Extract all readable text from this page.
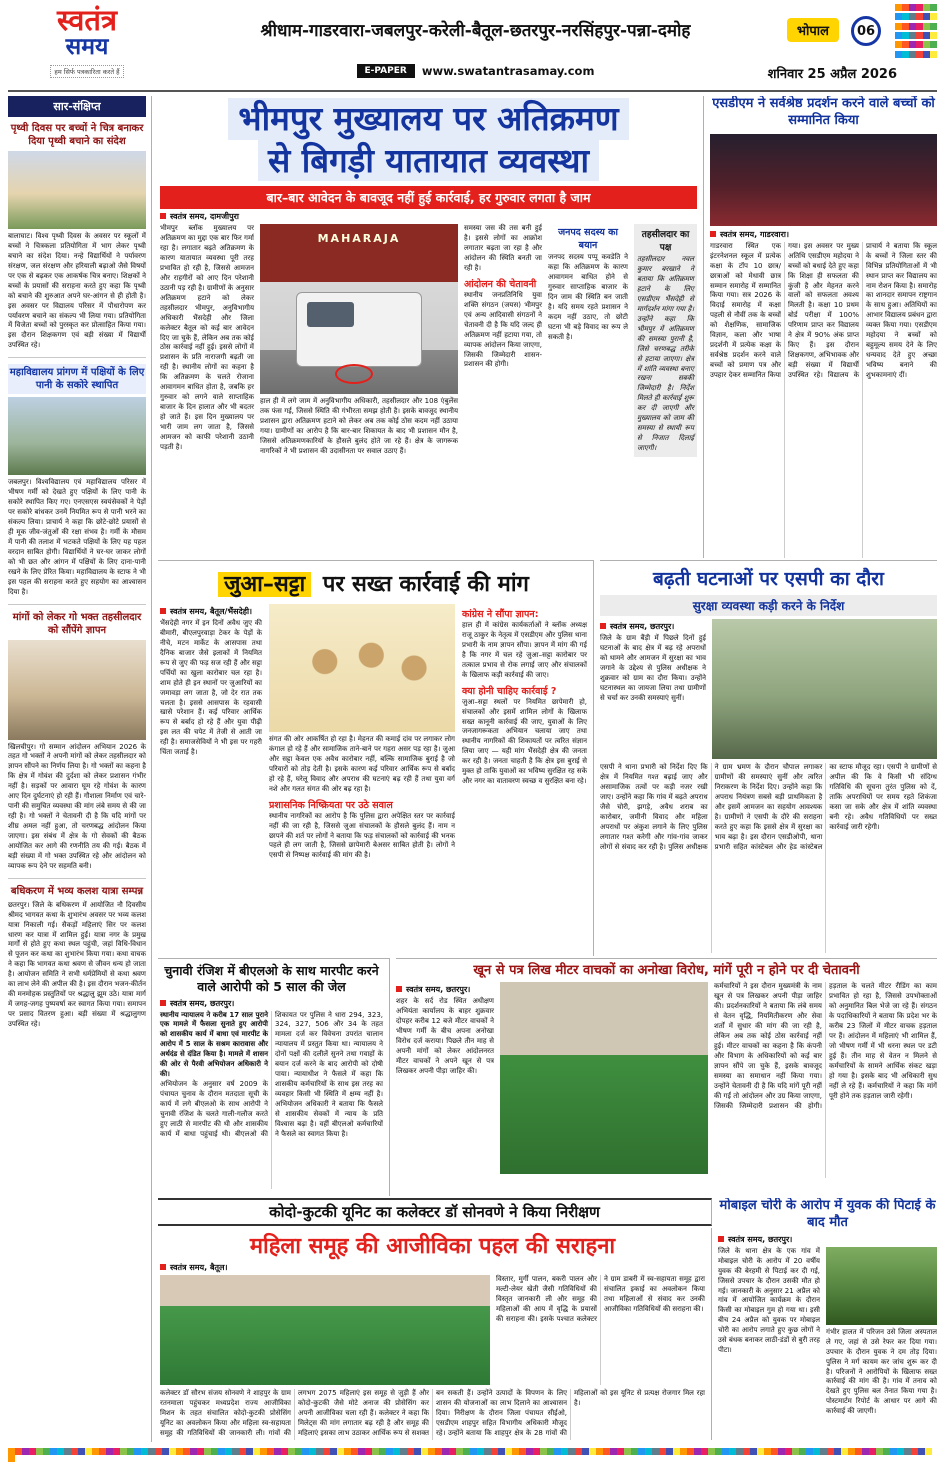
स्वतंत्र
समय
हम सिर्फ पत्रकारिता करते हैं
श्रीधाम-गाडरवारा-जबलपुर-करेली-बैतूल-छतरपुर-नरसिंहपुर-पन्ना-दमोह	भोपाल	06
E-PAPER	www.swatantrasamay.com	शनिवार 25 अप्रैल 2026
सार-संक्षिप्त
पृथ्वी दिवस पर बच्चों ने चित्र बनाकर दिया पृथ्वी बचाने का संदेश
बालाघाट। विश्व पृथ्वी दिवस के अवसर पर स्कूलों में बच्चों ने चित्रकला प्रतियोगिता में भाग लेकर पृथ्वी बचाने का संदेश दिया। नन्हे विद्यार्थियों ने पर्यावरण संरक्षण, जल संरक्षण और हरियाली बढ़ाओ जैसे विषयों पर एक से बढ़कर एक आकर्षक चित्र बनाए। शिक्षकों ने बच्चों के प्रयासों की सराहना करते हुए कहा कि पृथ्वी को बचाने की शुरुआत अपने घर-आंगन से ही होती है। इस अवसर पर विद्यालय परिसर में पौधारोपण कर पर्यावरण बचाने का संकल्प भी लिया गया। प्रतियोगिता में विजेता बच्चों को पुरस्कृत कर प्रोत्साहित किया गया। इस दौरान शिक्षकगण एवं बड़ी संख्या में विद्यार्थी उपस्थित रहे।
महाविद्यालय प्रांगण में पक्षियों के लिए पानी के सकोरे स्थापित
जबलपुर। विश्वविद्यालय एवं महाविद्यालय परिसर में भीषण गर्मी को देखते हुए पक्षियों के लिए पानी के सकोरे स्थापित किए गए। एनएसएस स्वयंसेवकों ने पेड़ों पर सकोरे बांधकर उनमें नियमित रूप से पानी भरने का संकल्प लिया। प्राचार्य ने कहा कि छोटे-छोटे प्रयासों से ही मूक जीव-जंतुओं की रक्षा संभव है। गर्मी के मौसम में पानी की तलाश में भटकते पक्षियों के लिए यह पहल वरदान साबित होगी। विद्यार्थियों ने घर-घर जाकर लोगों को भी छत और आंगन में पक्षियों के लिए दाना-पानी रखने के लिए प्रेरित किया। महाविद्यालय के स्टाफ ने भी इस पहल की सराहना करते हुए सहयोग का आश्वासन दिया है।
मांगों को लेकर गो भक्त तहसीलदार को सौंपेंगे ज्ञापन
खिलचीपुर। गो सम्मान आंदोलन अभियान 2026 के तहत गो भक्तों ने अपनी मांगों को लेकर तहसीलदार को ज्ञापन सौंपने का निर्णय लिया है। गो भक्तों का कहना है कि क्षेत्र में गोवंश की दुर्दशा को लेकर प्रशासन गंभीर नहीं है। सड़कों पर आवारा घूम रहे गोवंश के कारण आए दिन दुर्घटनाएं हो रही हैं। गौशाला निर्माण एवं चारे-पानी की समुचित व्यवस्था की मांग लंबे समय से की जा रही है। गो भक्तों ने चेतावनी दी है कि यदि मांगों पर शीघ्र अमल नहीं हुआ, तो चरणबद्ध आंदोलन किया जाएगा। इस संबंध में क्षेत्र के गो सेवकों की बैठक आयोजित कर आगे की रणनीति तय की गई। बैठक में बड़ी संख्या में गो भक्त उपस्थित रहे और आंदोलन को व्यापक रूप देने पर सहमति बनी।
बधिकरण में भव्य कलश यात्रा सम्पन्न
छतरपुर। जिले के बधिकरण में आयोजित नौ दिवसीय श्रीमद भागवत कथा के शुभारंभ अवसर पर भव्य कलश यात्रा निकाली गई। सैकड़ों महिलाएं सिर पर कलश धारण कर यात्रा में शामिल हुईं। यात्रा नगर के प्रमुख मार्गों से होते हुए कथा स्थल पहुंची, जहां विधि-विधान से पूजन कर कथा का शुभारंभ किया गया। कथा वाचक ने कहा कि भागवत कथा श्रवण से जीवन धन्य हो जाता है। आयोजन समिति ने सभी धर्मप्रेमियों से कथा श्रवण का लाभ लेने की अपील की है। इस दौरान भजन-कीर्तन की मनमोहक प्रस्तुतियों पर श्रद्धालु झूम उठे। यात्रा मार्ग में जगह-जगह पुष्पवर्षा कर स्वागत किया गया। समापन पर प्रसाद वितरण हुआ। बड़ी संख्या में श्रद्धालुगण उपस्थित रहे।
भीमपुर मुख्यालय पर अतिक्रमण
से बिगड़ी यातायात व्यवस्था
बार–बार आवेदन के बावजूद नहीं हुई कार्रवाई, हर गुरुवार लगता है जाम
स्वतंत्र समय, दामजीपुरा
भीमपुर ब्लॉक मुख्यालय पर अतिक्रमण का मुद्दा एक बार फिर गर्मा रहा है। लगातार बढ़ते अतिक्रमण के कारण यातायात व्यवस्था पूरी तरह प्रभावित हो रही है, जिससे आमजन और राहगीरों को आए दिन परेशानी उठानी पड़ रही है। ग्रामीणों के अनुसार अतिक्रमण हटाने को लेकर तहसीलदार भीमपुर, अनुविभागीय अधिकारी भैंसदेही और जिला कलेक्टर बैतूल को कई बार आवेदन दिए जा चुके हैं, लेकिन अब तक कोई ठोस कार्रवाई नहीं हुई। इससे लोगों में प्रशासन के प्रति नाराजगी बढ़ती जा रही है। स्थानीय लोगों का कहना है कि अतिक्रमण के चलते रोजाना आवागमन बाधित होता है, जबकि हर गुरुवार को लगने वाले साप्ताहिक बाजार के दिन हालात और भी बदतर हो जाते हैं। इस दिन मुख्यालय पर भारी जाम लग जाता है, जिससे आमजन को काफी परेशानी उठानी पड़ती है।
MAHARAJA
हाल ही में लगे जाम में अनुविभागीय अधिकारी, तहसीलदार और 108 एंबुलेंस तक फंस गई, जिससे स्थिति की गंभीरता समझ होती है। इसके बावजूद स्थानीय प्रशासन द्वारा अतिक्रमण हटाने को लेकर अब तक कोई ठोस कदम नहीं उठाया गया। ग्रामीणों का आरोप है कि बार-बार शिकायत के बाद भी प्रशासन मौन है, जिससे अतिक्रमणकारियों के हौसले बुलंद होते जा रहे हैं। क्षेत्र के जागरूक नागरिकों ने भी प्रशासन की उदासीनता पर सवाल उठाए हैं।

समस्या जस की तस बनी हुई है। इससे लोगों का आक्रोश लगातार बढ़ता जा रहा है और आंदोलन की स्थिति बनती जा रही है।

आंदोलन की चेतावनी

स्थानीय जनप्रतिनिधि युवा शक्ति संगठन (जयस) भीमपुर एवं अन्य आदिवासी संगठनों ने चेतावनी दी है कि यदि जल्द ही अतिक्रमण नहीं हटाया गया, तो व्यापक आंदोलन किया जाएगा, जिसकी जिम्मेदारी शासन-प्रशासन की होगी।

जनपद सदस्य का बयान

जनपद सदस्य पप्पू कवडेति ने कहा कि अतिक्रमण के कारण आवागमन बाधित होने से गुरुवार साप्ताहिक बाजार के दिन जाम की स्थिति बन जाती है। यदि समय रहते प्रशासन ने कदम नहीं उठाए, तो छोटी घटना भी बड़े विवाद का रूप ले सकती है।

तहसीलदार का पक्ष

तहसीलदार नवल कुमार बरखाने ने बताया कि अतिक्रमण हटाने के लिए एसडीएम भैंसदेही से मार्गदर्शन मांगा गया है। उन्होंने कहा कि भीमपुर में अतिक्रमण की समस्या पुरानी है, जिसे चरणबद्ध तरीके से हटाया जाएगा। क्षेत्र में शांति व्यवस्था बनाए रखना सबकी जिम्मेदारी है। निर्देश मिलते ही कार्रवाई शुरू कर दी जाएगी और मुख्यालय को जाम की समस्या से स्थायी रूप से निजात दिलाई जाएगी।

एसडीएम ने सर्वश्रेष्ठ प्रदर्शन करने वाले बच्चों को सम्मानित किया
स्वतंत्र समय, गाडरवारा।
गाडरवारा स्थित एक इंटरनेशनल स्कूल में प्रत्येक कक्षा के टॉप 10 छात्र/छात्राओं को मेधावी छात्र सम्मान समारोह में सम्मानित किया गया। सत्र 2026 के विदाई समारोह में कक्षा पहली से नौवीं तक के बच्चों को शैक्षणिक, सामाजिक विज्ञान, कला और भाषा प्रदर्शनी में प्रत्येक कक्षा के सर्वश्रेष्ठ प्रदर्शन करने वाले बच्चों को प्रमाण पत्र और उपहार देकर सम्मानित किया गया। इस अवसर पर मुख्य अतिथि एसडीएम महोदया ने बच्चों को बधाई देते हुए कहा कि शिक्षा ही सफलता की कुंजी है और मेहनत करने वालों को सफलता अवश्य मिलती है। कक्षा 10 प्रथम बोर्ड परीक्षा में 100% परिणाम प्राप्त कर विद्यालय ने क्षेत्र में 90% अंक प्राप्त किए हैं। इस दौरान शिक्षकगण, अभिभावक और बड़ी संख्या में विद्यार्थी उपस्थित रहे। विद्यालय के प्राचार्य ने बताया कि स्कूल के बच्चों ने जिला स्तर की विभिन्न प्रतियोगिताओं में भी स्थान प्राप्त कर विद्यालय का नाम रोशन किया है। समारोह का शानदार समापन राष्ट्रगान के साथ हुआ। अतिथियों का आभार विद्यालय प्रबंधन द्वारा व्यक्त किया गया। एसडीएम महोदया ने बच्चों को बहुमूल्य समय देने के लिए धन्यवाद देते हुए अच्छा भविष्य बनाने की शुभकामनाएं दीं।
जुआ–सट्टा पर सख्त कार्रवाई की मांग
स्वतंत्र समय, बैतूल/भैंसदेही।

भैंसदेही नगर में इन दिनों अवैध जुए की बीमारी, बीएलपुरवाड़ा टेकर के पेड़ों के नीचे, मटन मार्केट के आसपास तथा दैनिक बाजार जैसे इलाकों में नियमित रूप से जुए की फड़ सज रही हैं और सट्टा पर्चियों का खुला कारोबार चल रहा है। शाम होते ही इन स्थानों पर जुआरियों का जमावड़ा लग जाता है, जो देर रात तक चलता है। इससे आसपास के रहवासी खासे परेशान हैं। कई परिवार आर्थिक रूप से बर्बाद हो रहे हैं और युवा पीढ़ी इस लत की चपेट में तेजी से आती जा रही है। समाजसेवियों ने भी इस पर गहरी चिंता जताई है।

संगत की ओर आकर्षित हो रहा है। मेहनत की कमाई दांव पर लगाकर लोग कंगाल हो रहे हैं और सामाजिक ताने-बाने पर गहरा असर पड़ रहा है। जुआ और सट्टा केवल एक अवैध कारोबार नहीं, बल्कि सामाजिक बुराई है जो परिवारों को तोड़ देती है। इसके कारण कई परिवार आर्थिक रूप से बर्बाद हो रहे हैं, घरेलू विवाद और अपराध की घटनाएं बढ़ रही हैं तथा युवा वर्ग नशे और गलत संगत की ओर बढ़ रहा है।

प्रशासनिक निष्क्रियता पर उठे सवाल

स्थानीय नागरिकों का आरोप है कि पुलिस द्वारा अपेक्षित स्तर पर कार्रवाई नहीं की जा रही है, जिससे जुआ संचालकों के हौसले बुलंद हैं। नाम न छापने की शर्त पर लोगों ने बताया कि फड़ संचालकों को कार्रवाई की भनक पहले ही लग जाती है, जिससे छापेमारी बेअसर साबित होती है। लोगों ने एसपी से निष्पक्ष कार्रवाई की मांग की है।

कांग्रेस ने सौंपा ज्ञापन:

हाल ही में कांग्रेस कार्यकर्ताओं ने ब्लॉक अध्यक्ष राजू ठाकुर के नेतृत्व में एसडीएम और पुलिस थाना प्रभारी के नाम ज्ञापन सौंपा। ज्ञापन में मांग की गई है कि नगर में चल रहे जुआ–सट्टा कारोबार पर तत्काल प्रभाव से रोक लगाई जाए और संचालकों के खिलाफ कड़ी कार्रवाई की जाए।

क्या होनी चाहिए कार्रवाई ?

जुआ–सट्टा स्थलों पर नियमित छापेमारी हो, संचालकों और इसमें शामिल लोगों के खिलाफ सख्त कानूनी कार्रवाई की जाए, युवाओं के लिए जनजागरूकता अभियान चलाया जाए तथा स्थानीय नागरिकों की शिकायतों पर त्वरित संज्ञान लिया जाए — यही मांग भैंसदेही क्षेत्र की जनता कर रही है। जनता चाहती है कि क्षेत्र इस बुराई से मुक्त हो ताकि युवाओं का भविष्य सुरक्षित रह सके और नगर का वातावरण स्वच्छ व सुरक्षित बना रहे।

बढ़ती घटनाओं पर एसपी का दौरा
सुरक्षा व्यवस्था कड़ी करने के निर्देश
स्वतंत्र समय, छतरपुर।

जिले के ग्राम बैंड़ी में पिछले दिनों हुई घटनाओं के बाद क्षेत्र में बढ़ रहे अपराधों को थामने और आमजन में सुरक्षा का भाव जगाने के उद्देश्य से पुलिस अधीक्षक ने शुक्रवार को ग्राम का दौरा किया। उन्होंने घटनास्थल का जायजा लिया तथा ग्रामीणों से चर्चा कर उनकी समस्याएं सुनीं।

एसपी ने थाना प्रभारी को निर्देश दिए कि क्षेत्र में नियमित गश्त बढ़ाई जाए और असामाजिक तत्वों पर कड़ी नजर रखी जाए। उन्होंने कहा कि गांव में बढ़ते अपराध जैसे चोरी, झगड़े, अवैध शराब का कारोबार, जमीनी विवाद और महिला अपराधों पर अंकुश लगाने के लिए पुलिस लगातार गश्त करेगी और गांव-गांव जाकर लोगों से संवाद कर रही है। पुलिस अधीक्षक ने ग्राम भ्रमण के दौरान चौपाल लगाकर ग्रामीणों की समस्याएं सुनीं और त्वरित निराकरण के निर्देश दिए। उन्होंने कहा कि अपराध नियंत्रण सबसे बड़ी प्राथमिकता है और इसमें आमजन का सहयोग आवश्यक है। ग्रामीणों ने एसपी के दौरे की सराहना करते हुए कहा कि इससे क्षेत्र में सुरक्षा का भाव बढ़ा है। इस दौरान एसडीओपी, थाना प्रभारी सहित कांस्टेबल और हेड कांस्टेबल का स्टाफ मौजूद रहा। एसपी ने ग्रामीणों से अपील की कि वे किसी भी संदिग्ध गतिविधि की सूचना तुरंत पुलिस को दें, ताकि अपराधियों पर समय रहते शिकंजा कसा जा सके और क्षेत्र में शांति व्यवस्था बनी रहे। अवैध गतिविधियों पर सख्त कार्रवाई जारी रहेगी।
चुनावी रंजिश में बीएलओ के साथ मारपीट करने वाले आरोपी को 5 साल की जेल
स्वतंत्र समय, छतरपुर।

स्थानीय न्यायालय ने करीब 17 साल पुराने एक मामले में फैसला सुनाते हुए आरोपी को शासकीय कार्य में बाधा एवं मारपीट के आरोप में 5 साल के सश्रम कारावास और अर्थदंड से दंडित किया है। मामले में शासन की ओर से पैरवी अभियोजन अधिकारी ने की।

अभियोजन के अनुसार वर्ष 2009 के पंचायत चुनाव के दौरान मतदाता सूची के कार्य में लगे बीएलओ के साथ आरोपी ने चुनावी रंजिश के चलते गाली-गलौज करते हुए लाठी से मारपीट की थी और शासकीय कार्य में बाधा पहुंचाई थी। बीएलओ की शिकायत पर पुलिस ने धारा 294, 323, 324, 327, 506 और 34 के तहत मामला दर्ज कर विवेचना उपरांत चालान न्यायालय में प्रस्तुत किया था। न्यायालय ने दोनों पक्षों की दलीलें सुनने तथा गवाहों के बयान दर्ज करने के बाद आरोपी को दोषी पाया। न्यायाधीश ने फैसले में कहा कि शासकीय कर्मचारियों के साथ इस तरह का व्यवहार किसी भी स्थिति में क्षम्य नहीं है। अभियोजन अधिकारी ने बताया कि फैसले से शासकीय सेवकों में न्याय के प्रति विश्वास बढ़ा है। वहीं बीएलओ कर्मचारियों ने फैसले का स्वागत किया है।

खून से पत्र लिख मीटर वाचकों का अनोखा विरोध, मांगें पूरी न होने पर दी चेतावनी
स्वतंत्र समय, छतरपुर।

शहर के सर्द रोड स्थित अधीक्षण अभियंता कार्यालय के बाहर शुक्रवार दोपहर करीब 12 बजे मीटर वाचकों ने भीषण गर्मी के बीच अपना अनोखा विरोध दर्ज कराया। पिछले तीन माह से अपनी मांगों को लेकर आंदोलनरत मीटर वाचकों ने अपने खून से पत्र लिखकर अपनी पीड़ा जाहिर की।

कर्मचारियों ने इस दौरान मुख्यमंत्री के नाम खून से पत्र लिखकर अपनी पीड़ा जाहिर की। प्रदर्शनकारियों ने बताया कि लंबे समय से वेतन वृद्धि, नियमितीकरण और सेवा शर्तों में सुधार की मांग की जा रही है, लेकिन अब तक कोई ठोस कार्रवाई नहीं हुई। मीटर वाचकों का कहना है कि कंपनी और विभाग के अधिकारियों को कई बार ज्ञापन सौंपे जा चुके हैं, इसके बावजूद समस्या का समाधान नहीं किया गया। उन्होंने चेतावनी दी है कि यदि मांगें पूरी नहीं की गईं तो आंदोलन और उग्र किया जाएगा, जिसकी जिम्मेदारी प्रशासन की होगी। हड़ताल के चलते मीटर रीडिंग का काम प्रभावित हो रहा है, जिससे उपभोक्ताओं को अनुमानित बिल भेजे जा रहे हैं। संगठन के पदाधिकारियों ने बताया कि प्रदेश भर के करीब 23 जिलों में मीटर वाचक हड़ताल पर हैं। आंदोलन में महिलाएं भी शामिल हैं, जो भीषण गर्मी में भी धरना स्थल पर डटी हुई हैं। तीन माह से वेतन न मिलने से कर्मचारियों के सामने आर्थिक संकट खड़ा हो गया है। इसके बाद भी अधिकारी सुध नहीं ले रहे हैं। कर्मचारियों ने कहा कि मांगें पूरी होने तक हड़ताल जारी रहेगी।
कोदो-कुटकी यूनिट का कलेक्टर डॉ सोनवणे ने किया निरीक्षण
महिला समूह की आजीविका पहल की सराहना
स्वतंत्र समय, बैतूल।
विस्तार, मुर्गी पालन, बकरी पालन और मल्टी-लेयर खेती जैसी गतिविधियों की विस्तृत जानकारी ली और समूह की महिलाओं की आय में वृद्धि के प्रयासों की सराहना की। इसके पश्चात कलेक्टर ने ग्राम डाबरी में स्व-सहायता समूह द्वारा संचालित इकाई का अवलोकन किया तथा महिलाओं से संवाद कर उनकी आजीविका गतिविधियों की सराहना की।
कलेक्टर डॉ सौरभ संजय सोनवणे ने शाहपुर के ग्राम रतनमाला पहुंचकर मध्यप्रदेश राज्य आजीविका मिशन के तहत संचालित कोदो-कुटकी प्रोसेसिंग यूनिट का अवलोकन किया और महिला स्व-सहायता समूह की गतिविधियों की जानकारी ली। गांवों की लगभग 2075 महिलाएं इस समूह से जुड़ी हैं और कोदो-कुटकी जैसे मोटे अनाज की प्रोसेसिंग कर अपनी आजीविका चला रही हैं। कलेक्टर ने कहा कि मिलेट्स की मांग लगातार बढ़ रही है और समूह की महिलाएं इसका लाभ उठाकर आर्थिक रूप से सशक्त बन सकती हैं। उन्होंने उत्पादों के विपणन के लिए शासन की योजनाओं का लाभ दिलाने का आश्वासन दिया। निरीक्षण के दौरान जिला पंचायत सीईओ, एसडीएम शाहपुर सहित विभागीय अधिकारी मौजूद रहे। उन्होंने बताया कि शाहपुर क्षेत्र के 28 गांवों की महिलाओं को इस यूनिट से प्रत्यक्ष रोजगार मिल रहा है।
मोबाइल चोरी के आरोप में युवक की पिटाई के बाद मौत
स्वतंत्र समय, छतरपुर।
जिले के थाना क्षेत्र के एक गांव में मोबाइल चोरी के आरोप में 20 वर्षीय युवक की बेरहमी से पिटाई कर दी गई, जिससे उपचार के दौरान उसकी मौत हो गई। जानकारी के अनुसार 21 अप्रैल को गांव में आयोजित कार्यक्रम के दौरान किसी का मोबाइल गुम हो गया था। इसी बीच 24 अप्रैल को युवक पर मोबाइल चोरी का आरोप लगाते हुए कुछ लोगों ने उसे बंधक बनाकर लाठी-डंडों से बुरी तरह पीटा।
गंभीर हालत में परिजन उसे जिला अस्पताल ले गए, जहां से उसे रेफर कर दिया गया। उपचार के दौरान युवक ने दम तोड़ दिया। पुलिस ने मर्ग कायम कर जांच शुरू कर दी है। परिजनों ने आरोपियों के खिलाफ सख्त कार्रवाई की मांग की है। गांव में तनाव को देखते हुए पुलिस बल तैनात किया गया है। पोस्टमार्टम रिपोर्ट के आधार पर आगे की कार्रवाई की जाएगी।
